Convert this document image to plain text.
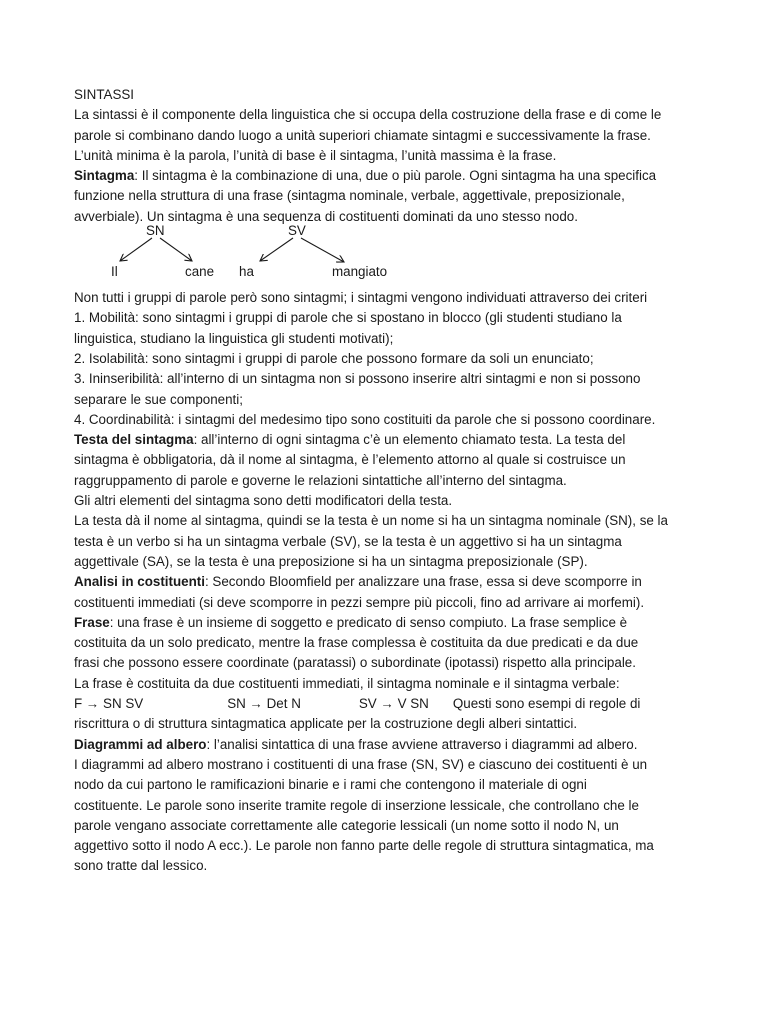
SINTASSI
La sintassi è il componente della linguistica che si occupa della costruzione della frase e di come le
parole si combinano dando luogo a unità superiori chiamate sintagmi e successivamente la frase.
L’unità minima è la parola, l’unità di base è il sintagma, l’unità massima è la frase.
Sintagma: Il sintagma è la combinazione di una, due o più parole. Ogni sintagma ha una specifica
funzione nella struttura di una frase (sintagma nominale, verbale, aggettivale, preposizionale,
avverbiale). Un sintagma è una sequenza di costituenti dominati da uno stesso nodo.
SN	SV
Il	cane ha	mangiato
Non tutti i gruppi di parole però sono sintagmi; i sintagmi vengono individuati attraverso dei criteri
1. Mobilità: sono sintagmi i gruppi di parole che si spostano in blocco (gli studenti studiano la
linguistica, studiano la linguistica gli studenti motivati);
2. Isolabilità: sono sintagmi i gruppi di parole che possono formare da soli un enunciato;
3. Ininseribilità: all’interno di un sintagma non si possono inserire altri sintagmi e non si possono
separare le sue componenti;
4. Coordinabilità: i sintagmi del medesimo tipo sono costituiti da parole che si possono coordinare.
Testa del sintagma: all’interno di ogni sintagma c’è un elemento chiamato testa. La testa del
sintagma è obbligatoria, dà il nome al sintagma, è l’elemento attorno al quale si costruisce un
raggruppamento di parole e governe le relazioni sintattiche all’interno del sintagma.
Gli altri elementi del sintagma sono detti modificatori della testa.
La testa dà il nome al sintagma, quindi se la testa è un nome si ha un sintagma nominale (SN), se la
testa è un verbo si ha un sintagma verbale (SV), se la testa è un aggettivo si ha un sintagma
aggettivale (SA), se la testa è una preposizione si ha un sintagma preposizionale (SP).
Analisi in costituenti: Secondo Bloomfield per analizzare una frase, essa si deve scomporre in
costituenti immediati (si deve scomporre in pezzi sempre più piccoli, fino ad arrivare ai morfemi).
Frase: una frase è un insieme di soggetto e predicato di senso compiuto. La frase semplice è
costituita da un solo predicato, mentre la frase complessa è costituita da due predicati e da due
frasi che possono essere coordinate (paratassi) o subordinate (ipotassi) rispetto alla principale.
La frase è costituita da due costituenti immediati, il sintagma nominale e il sintagma verbale:
F → SN SV	SN → Det N	SV → V SN Questi sono esempi di regole di
riscrittura o di struttura sintagmatica applicate per la costruzione degli alberi sintattici.
Diagrammi ad albero: l’analisi sintattica di una frase avviene attraverso i diagrammi ad albero.
I diagrammi ad albero mostrano i costituenti di una frase (SN, SV) e ciascuno dei costituenti è un
nodo da cui partono le ramificazioni binarie e i rami che contengono il materiale di ogni
costituente. Le parole sono inserite tramite regole di inserzione lessicale, che controllano che le
parole vengano associate correttamente alle categorie lessicali (un nome sotto il nodo N, un
aggettivo sotto il nodo A ecc.). Le parole non fanno parte delle regole di struttura sintagmatica, ma
sono tratte dal lessico.
